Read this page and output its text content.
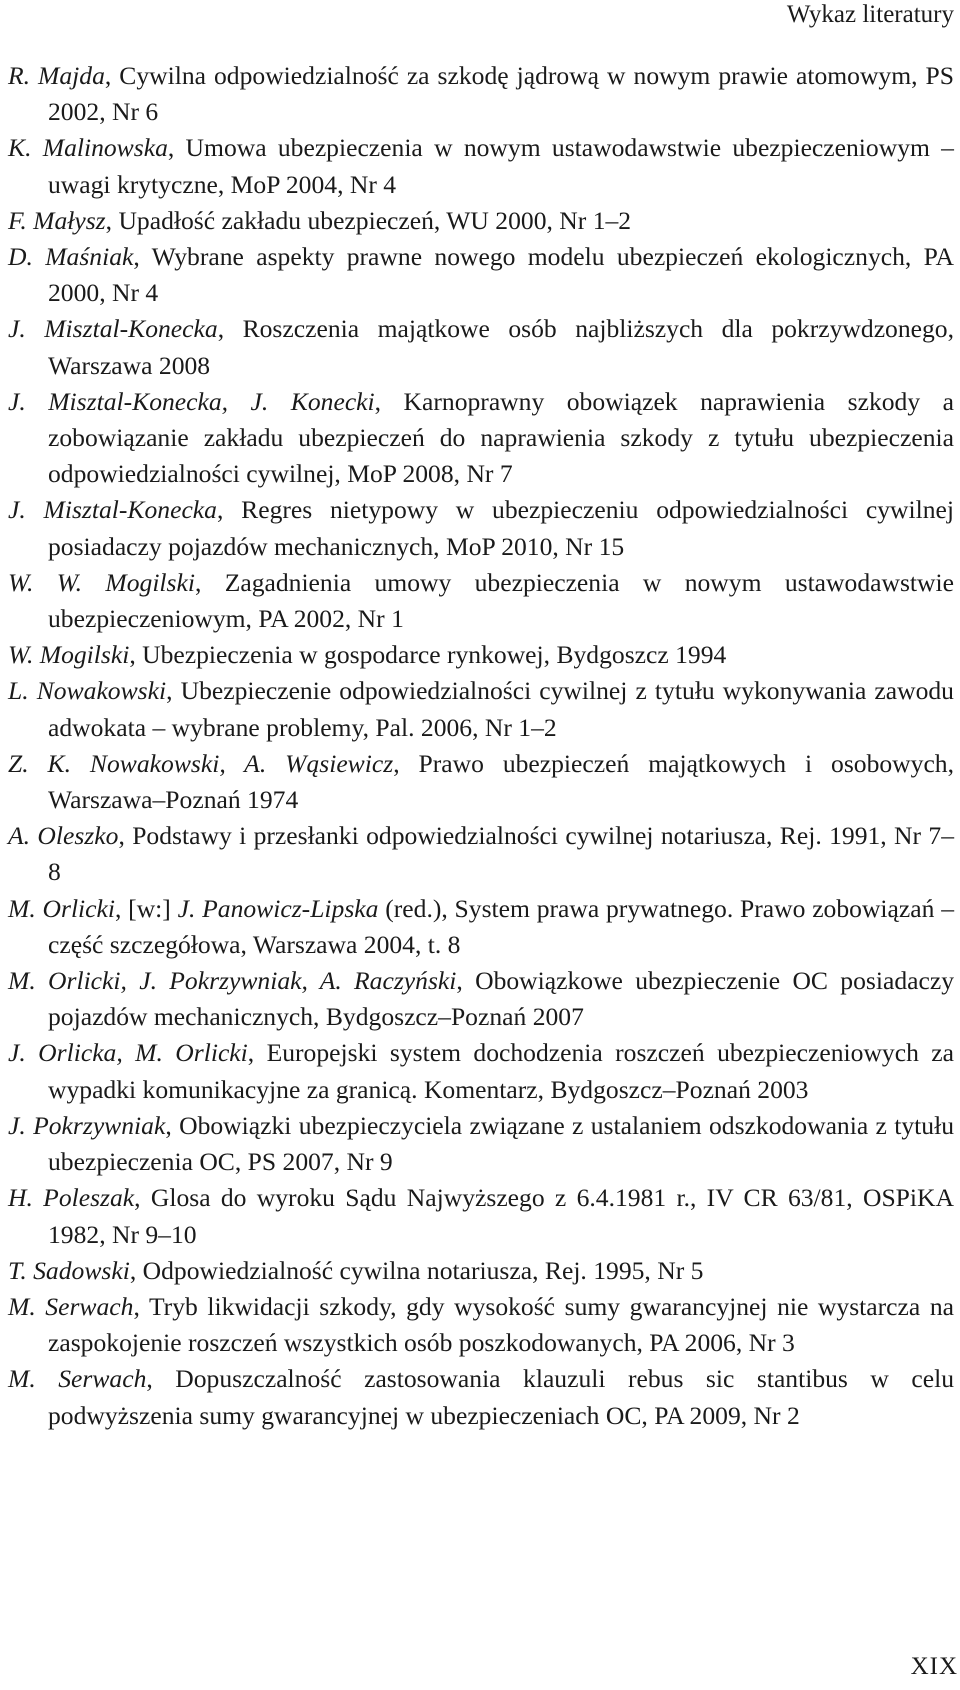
Wykaz literatury
R. Majda, Cywilna odpowiedzialność za szkodę jądrową w nowym prawie atomowym, PS 2002, Nr 6
K. Malinowska, Umowa ubezpieczenia w nowym ustawodawstwie ubezpieczeniowym – uwagi krytyczne, MoP 2004, Nr 4
F. Małysz, Upadłość zakładu ubezpieczeń, WU 2000, Nr 1–2
D. Maśniak, Wybrane aspekty prawne nowego modelu ubezpieczeń ekologicznych, PA 2000, Nr 4
J. Misztal-Konecka, Roszczenia majątkowe osób najbliższych dla pokrzywdzonego, Warszawa 2008
J. Misztal-Konecka, J. Konecki, Karnoprawny obowiązek naprawienia szkody a zobowiązanie zakładu ubezpieczeń do naprawienia szkody z tytułu ubezpieczenia odpowiedzialności cywilnej, MoP 2008, Nr 7
J. Misztal-Konecka, Regres nietypowy w ubezpieczeniu odpowiedzialności cywilnej posiadaczy pojazdów mechanicznych, MoP 2010, Nr 15
W. W. Mogilski, Zagadnienia umowy ubezpieczenia w nowym ustawodawstwie ubezpieczeniowym, PA 2002, Nr 1
W. Mogilski, Ubezpieczenia w gospodarce rynkowej, Bydgoszcz 1994
L. Nowakowski, Ubezpieczenie odpowiedzialności cywilnej z tytułu wykonywania zawodu adwokata – wybrane problemy, Pal. 2006, Nr 1–2
Z. K. Nowakowski, A. Wąsiewicz, Prawo ubezpieczeń majątkowych i osobowych, Warszawa–Poznań 1974
A. Oleszko, Podstawy i przesłanki odpowiedzialności cywilnej notariusza, Rej. 1991, Nr 7–8
M. Orlicki, [w:] J. Panowicz-Lipska (red.), System prawa prywatnego. Prawo zobowiązań – część szczegółowa, Warszawa 2004, t. 8
M. Orlicki, J. Pokrzywniak, A. Raczyński, Obowiązkowe ubezpieczenie OC posiadaczy pojazdów mechanicznych, Bydgoszcz–Poznań 2007
J. Orlicka, M. Orlicki, Europejski system dochodzenia roszczeń ubezpieczeniowych za wypadki komunikacyjne za granicą. Komentarz, Bydgoszcz–Poznań 2003
J. Pokrzywniak, Obowiązki ubezpieczyciela związane z ustalaniem odszkodowania z tytułu ubezpieczenia OC, PS 2007, Nr 9
H. Poleszak, Glosa do wyroku Sądu Najwyższego z 6.4.1981 r., IV CR 63/81, OSPiKA 1982, Nr 9–10
T. Sadowski, Odpowiedzialność cywilna notariusza, Rej. 1995, Nr 5
M. Serwach, Tryb likwidacji szkody, gdy wysokość sumy gwarancyjnej nie wystarcza na zaspokojenie roszczeń wszystkich osób poszkodowanych, PA 2006, Nr 3
M. Serwach, Dopuszczalność zastosowania klauzuli rebus sic stantibus w celu podwyższenia sumy gwarancyjnej w ubezpieczeniach OC, PA 2009, Nr 2
XIX
